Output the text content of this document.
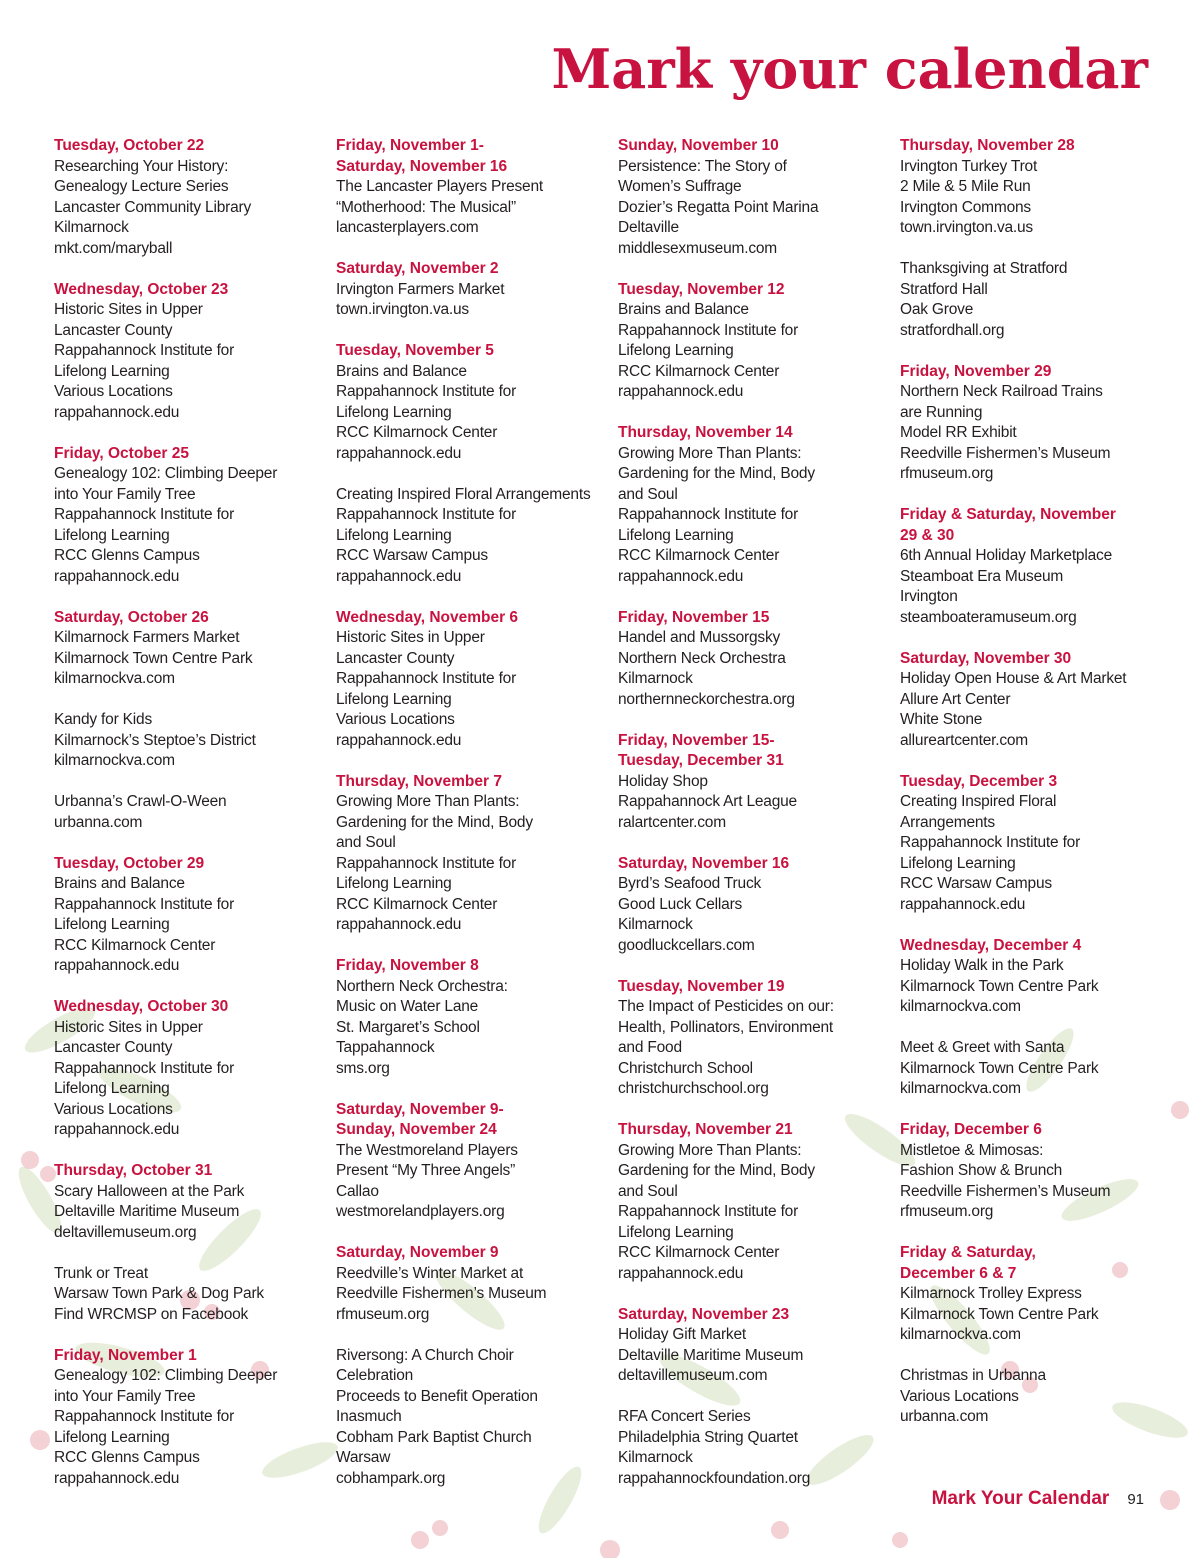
Mark your calendar
Tuesday, October 22
Researching Your History:
Genealogy Lecture Series
Lancaster Community Library
Kilmarnock
mkt.com/maryball
Wednesday, October 23
Historic Sites in Upper
Lancaster County
Rappahannock Institute for
Lifelong Learning
Various Locations
rappahannock.edu
Friday, October 25
Genealogy 102: Climbing Deeper
into Your Family Tree
Rappahannock Institute for
Lifelong Learning
RCC Glenns Campus
rappahannock.edu
Saturday, October 26
Kilmarnock Farmers Market
Kilmarnock Town Centre Park
kilmarnockva.com
Kandy for Kids
Kilmarnock’s Steptoe’s District
kilmarnockva.com
Urbanna’s Crawl-O-Ween
urbanna.com
Tuesday, October 29
Brains and Balance
Rappahannock Institute for
Lifelong Learning
RCC Kilmarnock Center
rappahannock.edu
Wednesday, October 30
Historic Sites in Upper
Lancaster County
Rappahannock Institute for
Lifelong Learning
Various Locations
rappahannock.edu
Thursday, October 31
Scary Halloween at the Park
Deltaville Maritime Museum
deltavillemuseum.org
Trunk or Treat
Warsaw Town Park & Dog Park
Find WRCMSP on Facebook
Friday, November 1
Genealogy 102: Climbing Deeper
into Your Family Tree
Rappahannock Institute for
Lifelong Learning
RCC Glenns Campus
rappahannock.edu
Friday, November 1-
Saturday, November 16
The Lancaster Players Present
“Motherhood: The Musical”
lancasterplayers.com
Saturday, November 2
Irvington Farmers Market
town.irvington.va.us
Tuesday, November 5
Brains and Balance
Rappahannock Institute for
Lifelong Learning
RCC Kilmarnock Center
rappahannock.edu
Creating Inspired Floral Arrangements
Rappahannock Institute for
Lifelong Learning
RCC Warsaw Campus
rappahannock.edu
Wednesday, November 6
Historic Sites in Upper
Lancaster County
Rappahannock Institute for
Lifelong Learning
Various Locations
rappahannock.edu
Thursday, November 7
Growing More Than Plants:
Gardening for the Mind, Body
and Soul
Rappahannock Institute for
Lifelong Learning
RCC Kilmarnock Center
rappahannock.edu
Friday, November 8
Northern Neck Orchestra:
Music on Water Lane
St. Margaret’s School
Tappahannock
sms.org
Saturday, November 9-
Sunday, November 24
The Westmoreland Players
Present “My Three Angels”
Callao
westmorelandplayers.org
Saturday, November 9
Reedville’s Winter Market at
Reedville Fishermen’s Museum
rfmuseum.org
Riversong: A Church Choir
Celebration
Proceeds to Benefit Operation
Inasmuch
Cobham Park Baptist Church
Warsaw
cobhampark.org
Sunday, November 10
Persistence: The Story of
Women’s Suffrage
Dozier’s Regatta Point Marina
Deltaville
middlesexmuseum.com
Tuesday, November 12
Brains and Balance
Rappahannock Institute for
Lifelong Learning
RCC Kilmarnock Center
rappahannock.edu
Thursday, November 14
Growing More Than Plants:
Gardening for the Mind, Body
and Soul
Rappahannock Institute for
Lifelong Learning
RCC Kilmarnock Center
rappahannock.edu
Friday, November 15
Handel and Mussorgsky
Northern Neck Orchestra
Kilmarnock
northernneckorchestra.org
Friday, November 15-
Tuesday, December 31
Holiday Shop
Rappahannock Art League
ralartcenter.com
Saturday, November 16
Byrd’s Seafood Truck
Good Luck Cellars
Kilmarnock
goodluckcellars.com
Tuesday, November 19
The Impact of Pesticides on our:
Health, Pollinators, Environment
and Food
Christchurch School
christchurchschool.org
Thursday, November 21
Growing More Than Plants:
Gardening for the Mind, Body
and Soul
Rappahannock Institute for
Lifelong Learning
RCC Kilmarnock Center
rappahannock.edu
Saturday, November 23
Holiday Gift Market
Deltaville Maritime Museum
deltavillemuseum.com
RFA Concert Series
Philadelphia String Quartet
Kilmarnock
rappahannockfoundation.org
Thursday, November 28
Irvington Turkey Trot
2 Mile & 5 Mile Run
Irvington Commons
town.irvington.va.us
Thanksgiving at Stratford
Stratford Hall
Oak Grove
stratfordhall.org
Friday, November 29
Northern Neck Railroad Trains
are Running
Model RR Exhibit
Reedville Fishermen’s Museum
rfmuseum.org
Friday & Saturday, November
29 & 30
6th Annual Holiday Marketplace
Steamboat Era Museum
Irvington
steamboateramuseum.org
Saturday, November 30
Holiday Open House & Art Market
Allure Art Center
White Stone
allureartcenter.com
Tuesday, December 3
Creating Inspired Floral
Arrangements
Rappahannock Institute for
Lifelong Learning
RCC Warsaw Campus
rappahannock.edu
Wednesday, December 4
Holiday Walk in the Park
Kilmarnock Town Centre Park
kilmarnockva.com
Meet & Greet with Santa
Kilmarnock Town Centre Park
kilmarnockva.com
Friday, December 6
Mistletoe & Mimosas:
Fashion Show & Brunch
Reedville Fishermen’s Museum
rfmuseum.org
Friday & Saturday,
December 6 & 7
Kilmarnock Trolley Express
Kilmarnock Town Centre Park
kilmarnockva.com
Christmas in Urbanna
Various Locations
urbanna.com
Mark Your Calendar 91
